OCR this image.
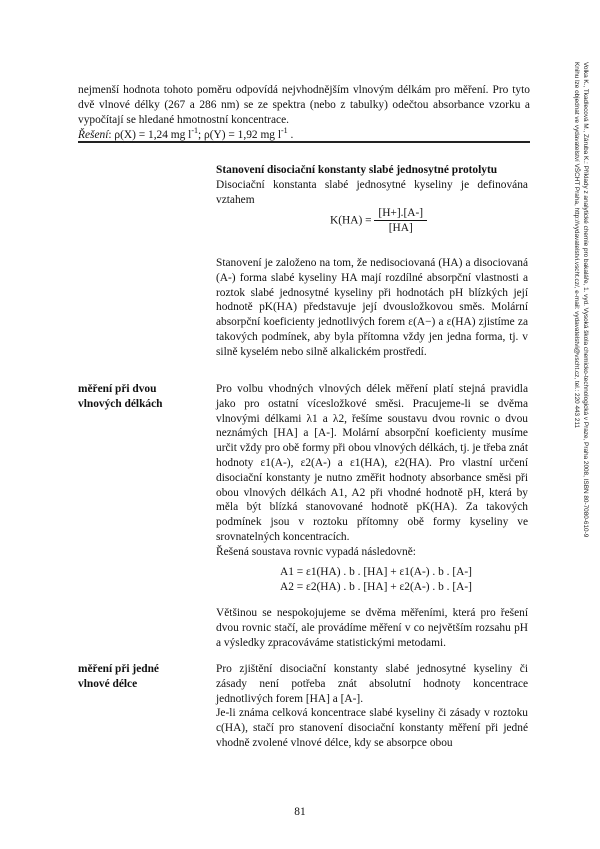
nejmenší hodnota tohoto poměru odpovídá nejvhodnějším vlnovým délkám pro měření. Pro tyto dvě vlnové délky (267 a 286 nm) se ze spektra (nebo z tabulky) odečtou absorbance vzorku a vypočítají se hledané hmotnostní koncentrace.

Řešení: ρ(X) = 1,24 mg $l^{-1}$; ρ(Y) = 1,92 mg $l^{-1}$ .

Stanovení disociační konstanty slabé jednosytné protolytu

Disociační konstanta slabé jednosytné kyseliny je definována vztahem

$K(HA) = \frac{[H+].[A-]}{[HA]}$

Stanovení je založeno na tom, že nedisociovaná (HA) a disociovaná (A-) forma slabé kyseliny HA mají rozdílné absorpční vlastnosti a roztok slabé jednosytné kyseliny při hodnotách pH blízkých její hodnotě pK(HA) představuje její dvousložkovou směs. Molární absorpční koeficienty jednotlivých forem ε(A−) a ε(HA) zjistíme za takových podmínek, aby byla přítomna vždy jen jedna forma, tj. v silně kyselém nebo silně alkalickém prostředí.

měření při dvou
vlnových délkách

Pro volbu vhodných vlnových délek měření platí stejná pravidla jako pro ostatní vícesložkové směsi. Pracujeme-li se dvěma vlnovými délkami λ1 a λ2, řešíme soustavu dvou rovnic o dvou neznámých [HA] a [A-]. Molární absorpční koeficienty musíme určit vždy pro obě formy při obou vlnových délkách, tj. je třeba znát hodnoty ε1(A-), ε2(A-) a ε1(HA), ε2(HA). Pro vlastní určení disociační konstanty je nutno změřit hodnoty absorbance směsi při obou vlnových délkách A1, A2 při vhodné hodnotě pH, která by měla být blízká stanovované hodnotě pK(HA). Za takových podmínek jsou v roztoku přítomny obě formy kyseliny ve srovnatelných koncentracích.

Řešená soustava rovnic vypadá následovně:

A1 = ε1(HA) . b . [HA] + ε1(A-) . b . [A-]
A2 = ε2(HA) . b . [HA] + ε2(A-) . b . [A-]

Většinou se nespokojujeme se dvěma měřeními, která pro řešení dvou rovnic stačí, ale provádíme měření v co největším rozsahu pH a výsledky zpracováváme statistickými metodami.

měření při jedné
vlnové délce

Pro zjištění disociační konstanty slabé jednosytné kyseliny či zásady není potřeba znát absolutní hodnoty koncentrace jednotlivých forem [HA] a [A-].

Je-li známa celková koncentrace slabé kyseliny či zásady v roztoku c(HA), stačí pro stanovení disociační konstanty měření při jedné vhodně zvolené vlnové délce, kdy se absorpce obou

81
Volka K., Tkadlecová M., Záruba K.: Příklady z analytické chemie pro bakaláře, 1. vyd. Vysoká škola chemicko-technologická v Praze, Praha 2008, ISBN 80-7080-610-9
Knihu lze objednat ve vydavatelství VŠCHT Praha, http://vydavatelstvi.vscht.cz/, e-mail: vydavatelstvi@vscht.cz, tel.: 220 443 211
